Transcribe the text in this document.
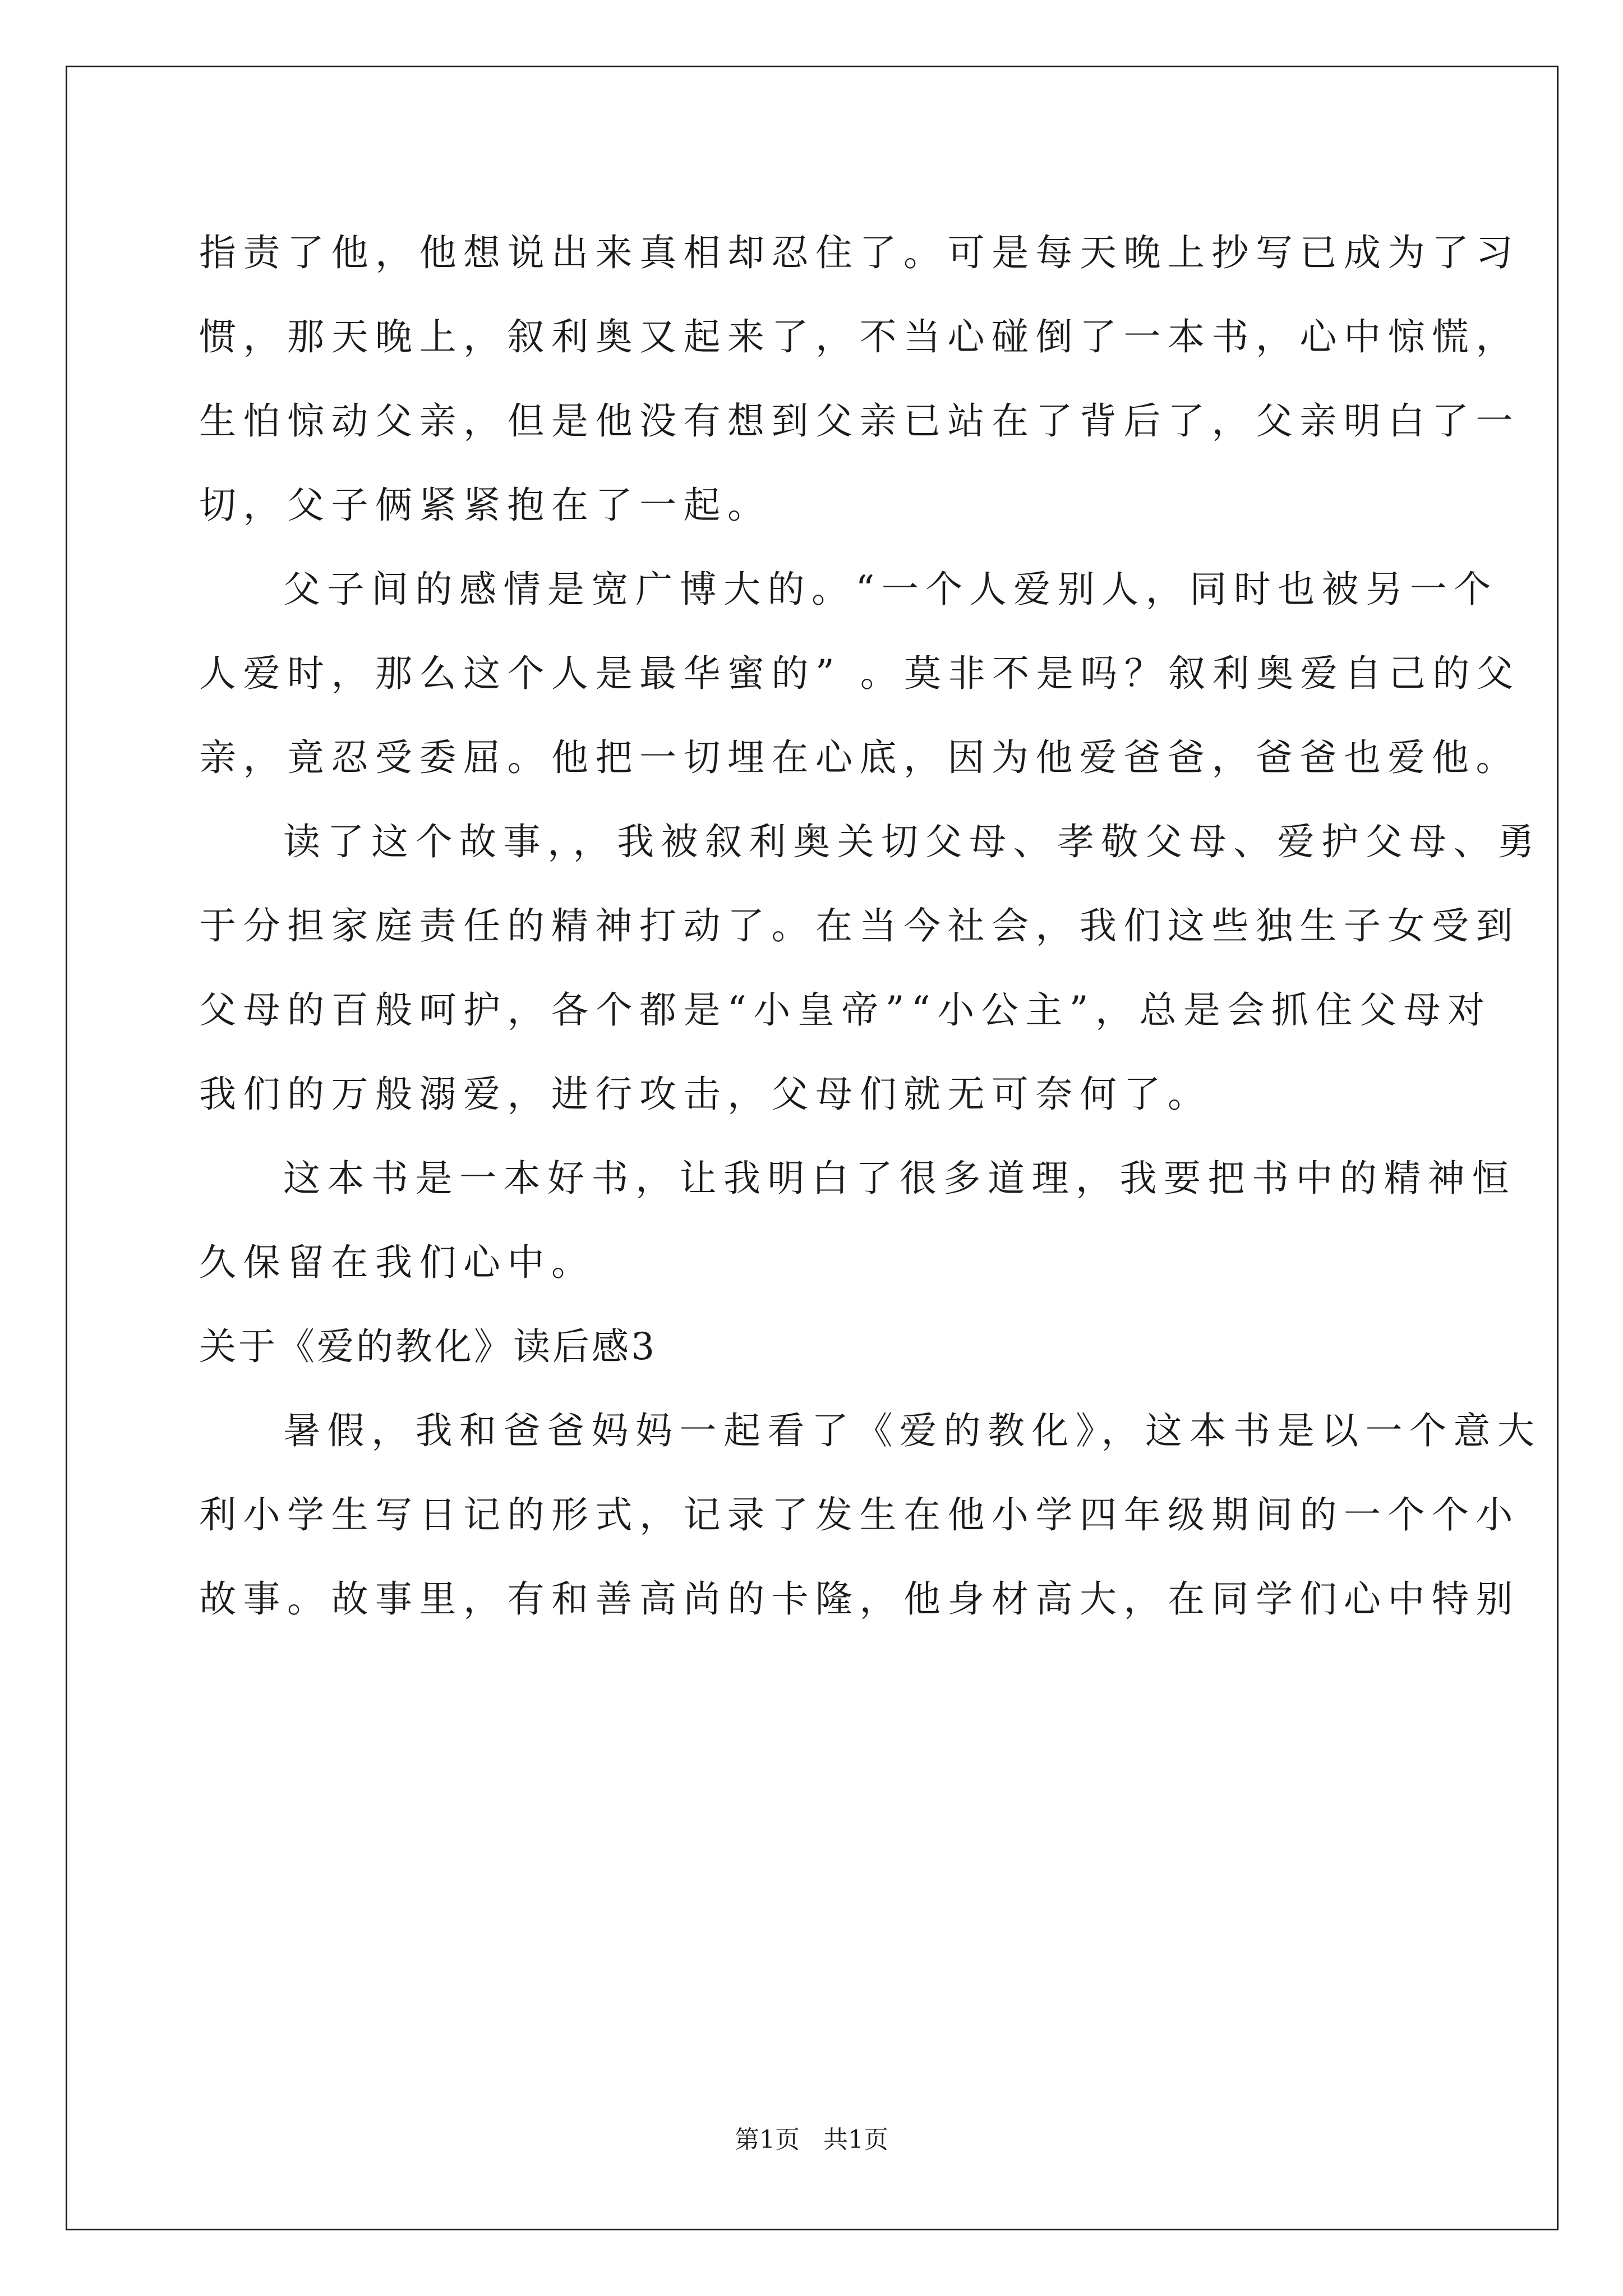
指责了他，他想说出来真相却忍住了。可是每天晚上抄写已成为了习
惯，那天晚上，叙利奥又起来了，不当心碰倒了一本书，心中惊慌，
生怕惊动父亲，但是他没有想到父亲已站在了背后了，父亲明白了一
切，父子俩紧紧抱在了一起。
父子间的感情是宽广博大的。“一个人爱别人，同时也被另一个
人爱时，那么这个人是最华蜜的” 。莫非不是吗？叙利奥爱自己的父
亲，竟忍受委屈。他把一切埋在心底，因为他爱爸爸，爸爸也爱他。
读了这个故事，，我被叙利奥关切父母、孝敬父母、爱护父母、勇
于分担家庭责任的精神打动了。在当今社会，我们这些独生子女受到
父母的百般呵护，各个都是“小皇帝”“小公主”，总是会抓住父母对
我们的万般溺爱，进行攻击，父母们就无可奈何了。
这本书是一本好书，让我明白了很多道理，我要把书中的精神恒
久保留在我们心中。
关于《爱的教化》读后感3
暑假，我和爸爸妈妈一起看了《爱的教化》，这本书是以一个意大
利小学生写日记的形式，记录了发生在他小学四年级期间的一个个小
故事。故事里，有和善高尚的卡隆，他身材高大，在同学们心中特别
第1页   共1页
